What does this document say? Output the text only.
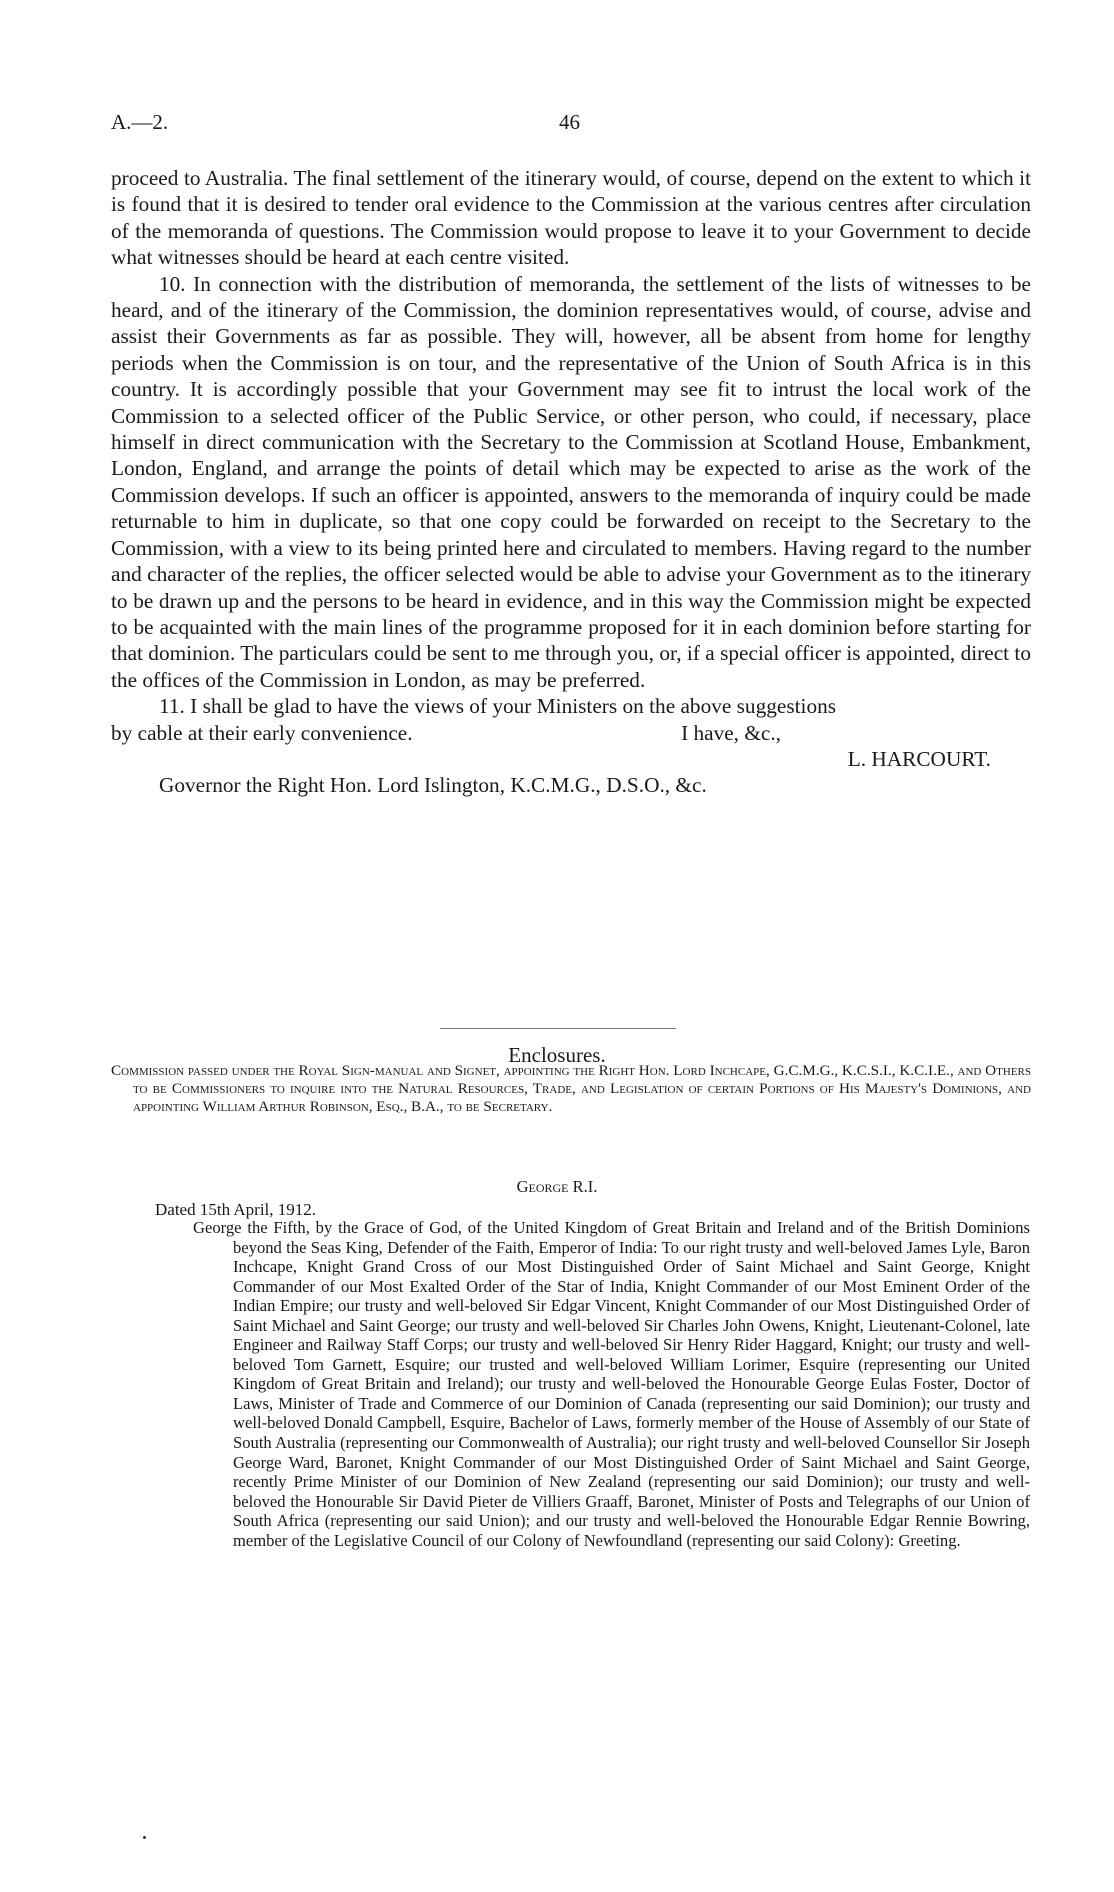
A.—2.	46

proceed to Australia. The final settlement of the itinerary would, of course, depend on the extent to which it is found that it is desired to tender oral evidence to the Commission at the various centres after circulation of the memoranda of questions. The Commission would propose to leave it to your Government to decide what witnesses should be heard at each centre visited.

10. In connection with the distribution of memoranda, the settlement of the lists of witnesses to be heard, and of the itinerary of the Commission, the dominion representatives would, of course, advise and assist their Governments as far as possible. They will, however, all be absent from home for lengthy periods when the Commission is on tour, and the representative of the Union of South Africa is in this country. It is accordingly possible that your Government may see fit to intrust the local work of the Commission to a selected officer of the Public Service, or other person, who could, if necessary, place himself in direct communication with the Secretary to the Commission at Scotland House, Embankment, London, England, and arrange the points of detail which may be expected to arise as the work of the Commission develops. If such an officer is appointed, answers to the memoranda of inquiry could be made returnable to him in duplicate, so that one copy could be forwarded on receipt to the Secretary to the Commission, with a view to its being printed here and circulated to members. Having regard to the number and character of the replies, the officer selected would be able to advise your Government as to the itinerary to be drawn up and the persons to be heard in evidence, and in this way the Commission might be expected to be acquainted with the main lines of the programme proposed for it in each dominion before starting for that dominion. The particulars could be sent to me through you, or, if a special officer is appointed, direct to the offices of the Commission in London, as may be preferred.

11. I shall be glad to have the views of your Ministers on the above suggestions

by cable at their early convenience.	I have, &c.,

L. HARCOURT.

Governor the Right Hon. Lord Islington, K.C.M.G., D.S.O., &c.

Enclosures.

Commission passed under the Royal Sign-manual and Signet, appointing the Right Hon. Lord Inchcape, G.C.M.G., K.C.S.I., K.C.I.E., and Others to be Commissioners to inquire into the Natural Resources, Trade, and Legislation of certain Portions of His Majesty's Dominions, and appointing William Arthur Robinson, Esq., B.A., to be Secretary.

George R.I.
Dated 15th April, 1912.

George the Fifth, by the Grace of God, of the United Kingdom of Great Britain and Ireland and of the British Dominions beyond the Seas King, Defender of the Faith, Emperor of India: To our right trusty and well-beloved James Lyle, Baron Inchcape, Knight Grand Cross of our Most Distinguished Order of Saint Michael and Saint George, Knight Commander of our Most Exalted Order of the Star of India, Knight Commander of our Most Eminent Order of the Indian Empire; our trusty and well-beloved Sir Edgar Vincent, Knight Commander of our Most Distinguished Order of Saint Michael and Saint George; our trusty and well-beloved Sir Charles John Owens, Knight, Lieutenant-Colonel, late Engineer and Railway Staff Corps; our trusty and well-beloved Sir Henry Rider Haggard, Knight; our trusty and well-beloved Tom Garnett, Esquire; our trusted and well-beloved William Lorimer, Esquire (representing our United Kingdom of Great Britain and Ireland); our trusty and well-beloved the Honourable George Eulas Foster, Doctor of Laws, Minister of Trade and Commerce of our Dominion of Canada (representing our said Dominion); our trusty and well-beloved Donald Campbell, Esquire, Bachelor of Laws, formerly member of the House of Assembly of our State of South Australia (representing our Commonwealth of Australia); our right trusty and well-beloved Counsellor Sir Joseph George Ward, Baronet, Knight Commander of our Most Distinguished Order of Saint Michael and Saint George, recently Prime Minister of our Dominion of New Zealand (representing our said Dominion); our trusty and well-beloved the Honourable Sir David Pieter de Villiers Graaff, Baronet, Minister of Posts and Telegraphs of our Union of South Africa (representing our said Union); and our trusty and well-beloved the Honourable Edgar Rennie Bowring, member of the Legislative Council of our Colony of Newfoundland (representing our said Colony): Greeting.
